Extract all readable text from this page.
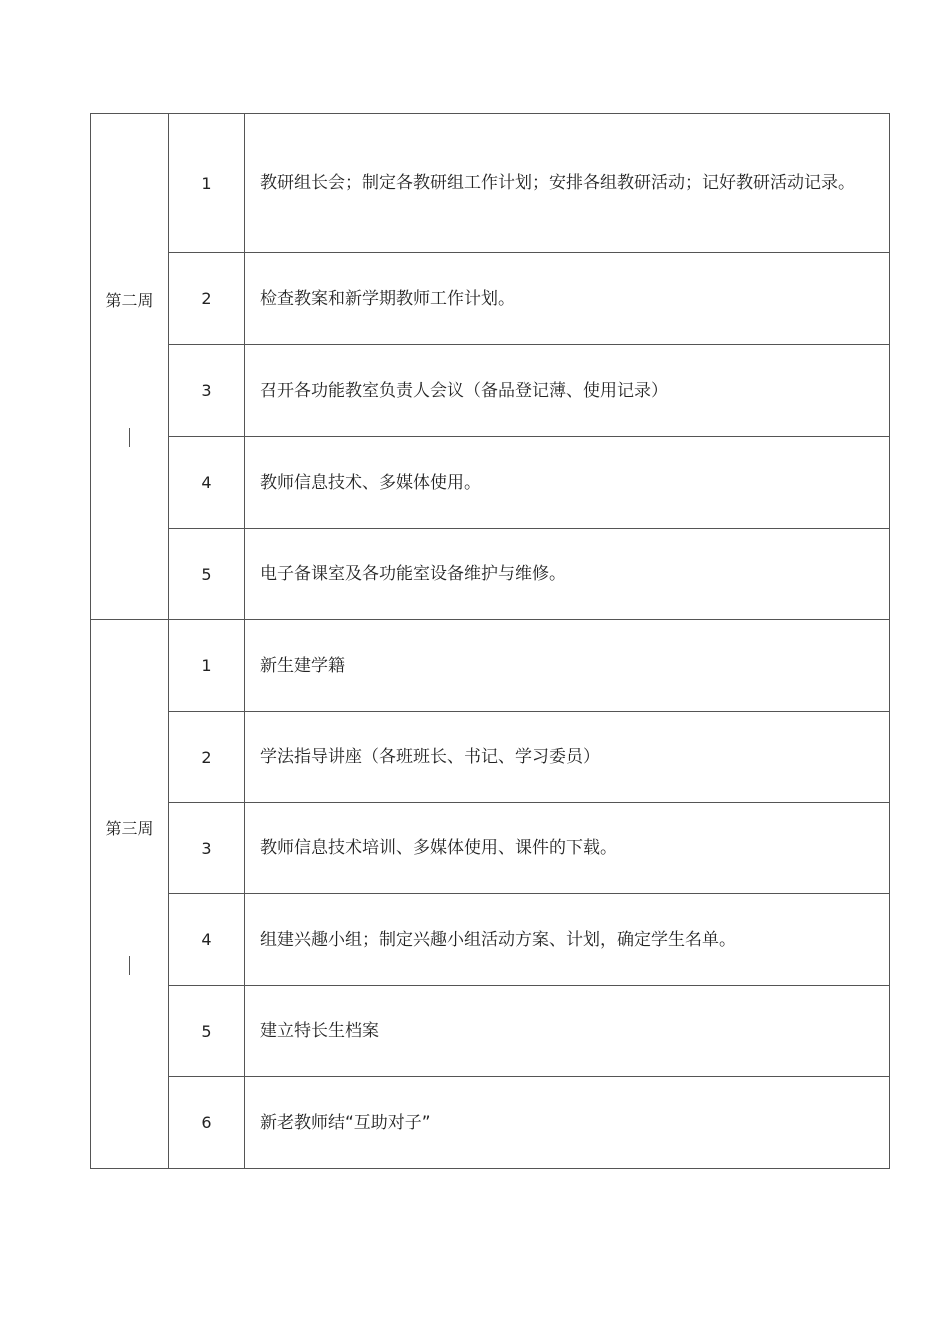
第二周	1	教研组长会；制定各教研组工作计划；安排各组教研活动；记好教研活动记录。
	2	检查教案和新学期教师工作计划。
	3	召开各功能教室负责人会议（备品登记薄、使用记录）
	4	教师信息技术、多媒体使用。
	5	电子备课室及各功能室设备维护与维修。

第三周	1	新生建学籍
	2	学法指导讲座（各班班长、书记、学习委员）
	3	教师信息技术培训、多媒体使用、课件的下载。
	4	组建兴趣小组；制定兴趣小组活动方案、计划，确定学生名单。
	5	建立特长生档案
	6	新老教师结“互助对子”
